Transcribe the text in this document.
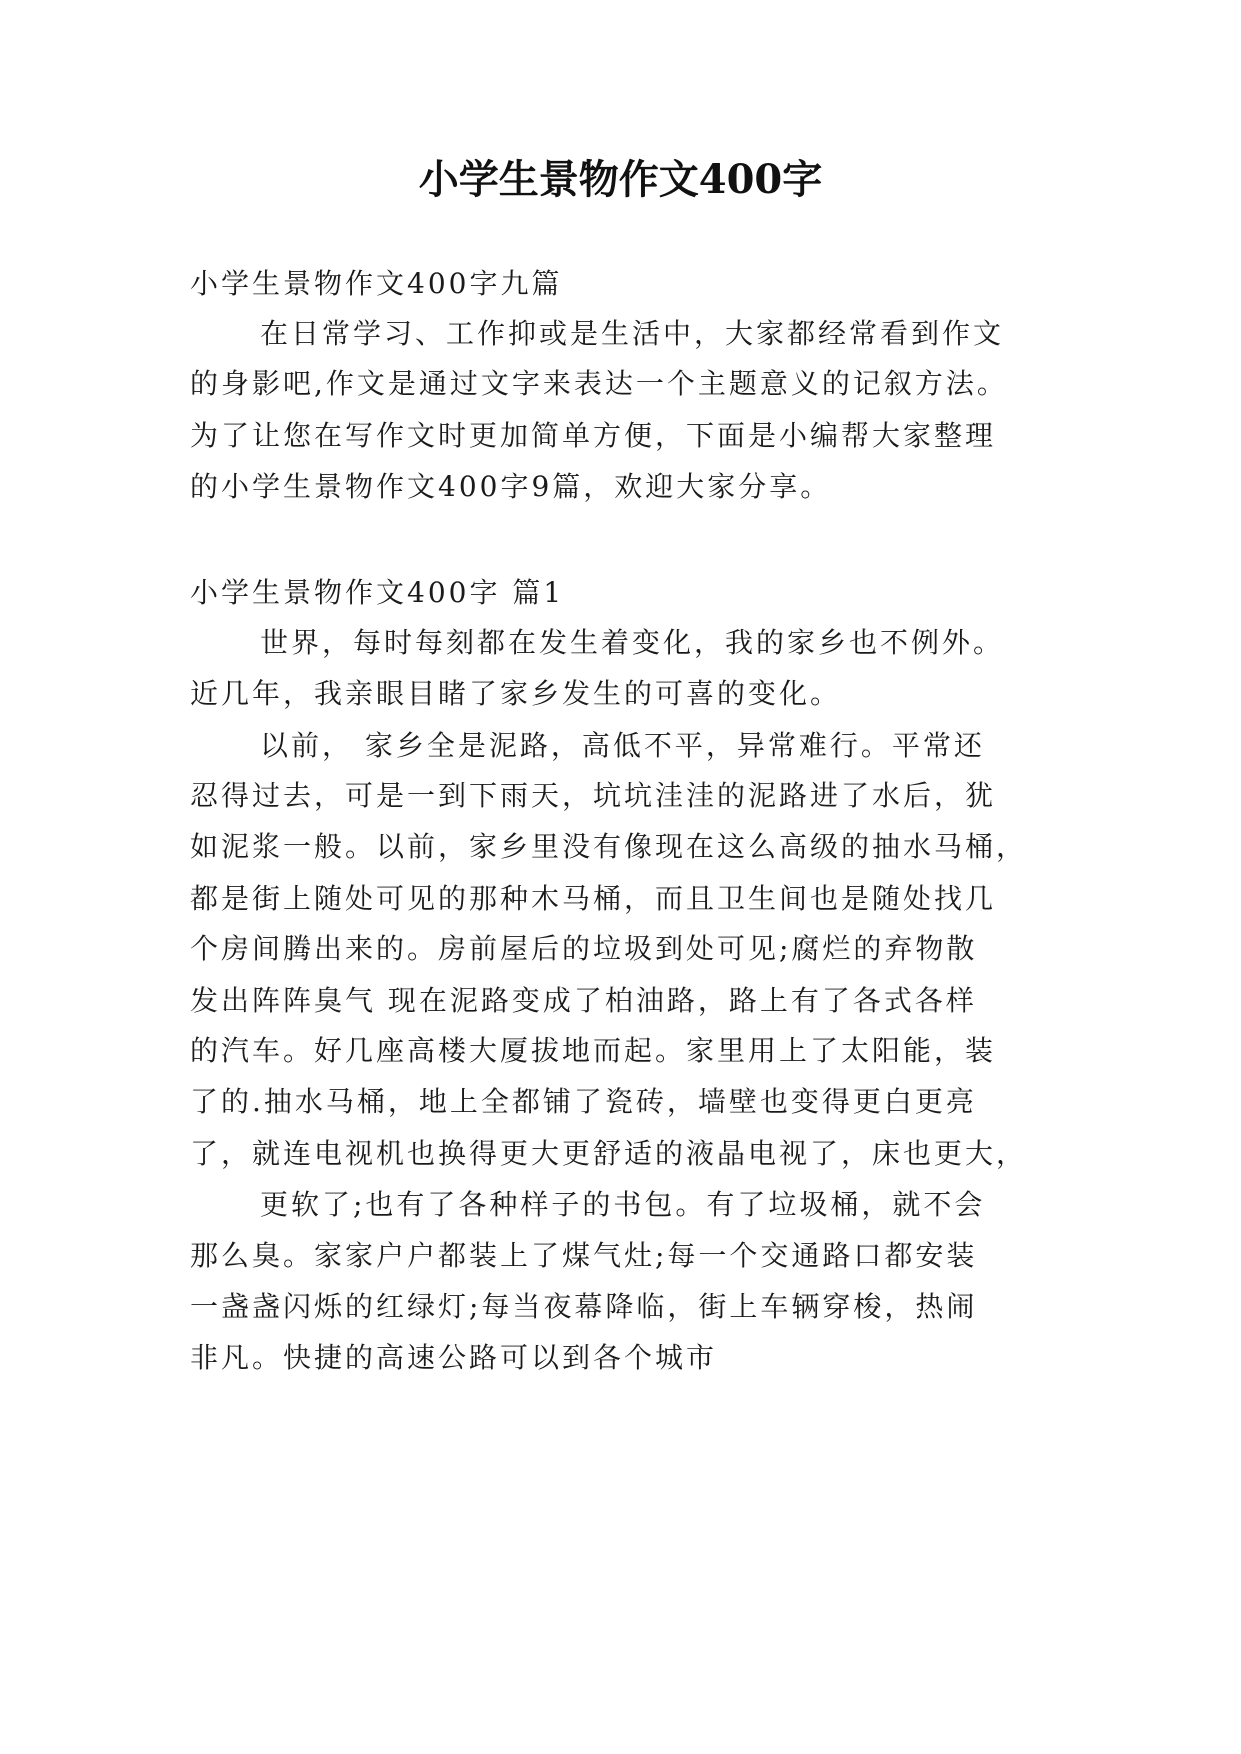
小学生景物作文400字

小学生景物作文400字九篇

在日常学习、工作抑或是生活中，大家都经常看到作文

的身影吧,作文是通过文字来表达一个主题意义的记叙方法。

为了让您在写作文时更加简单方便，下面是小编帮大家整理

的小学生景物作文400字9篇，欢迎大家分享。

小学生景物作文400字 篇1

世界，每时每刻都在发生着变化，我的家乡也不例外。

近几年，我亲眼目睹了家乡发生的可喜的变化。

以前， 家乡全是泥路，高低不平，异常难行。平常还

忍得过去，可是一到下雨天，坑坑洼洼的泥路进了水后，犹

如泥浆一般。以前，家乡里没有像现在这么高级的抽水马桶，

都是街上随处可见的那种木马桶，而且卫生间也是随处找几

个房间腾出来的。房前屋后的垃圾到处可见;腐烂的弃物散

发出阵阵臭气 现在泥路变成了柏油路，路上有了各式各样

的汽车。好几座高楼大厦拔地而起。家里用上了太阳能，装

了的.抽水马桶，地上全都铺了瓷砖，墙壁也变得更白更亮

了，就连电视机也换得更大更舒适的液晶电视了，床也更大，

更软了;也有了各种样子的书包。有了垃圾桶，就不会

那么臭。家家户户都装上了煤气灶;每一个交通路口都安装

一盏盏闪烁的红绿灯;每当夜幕降临，街上车辆穿梭，热闹

非凡。快捷的高速公路可以到各个城市
